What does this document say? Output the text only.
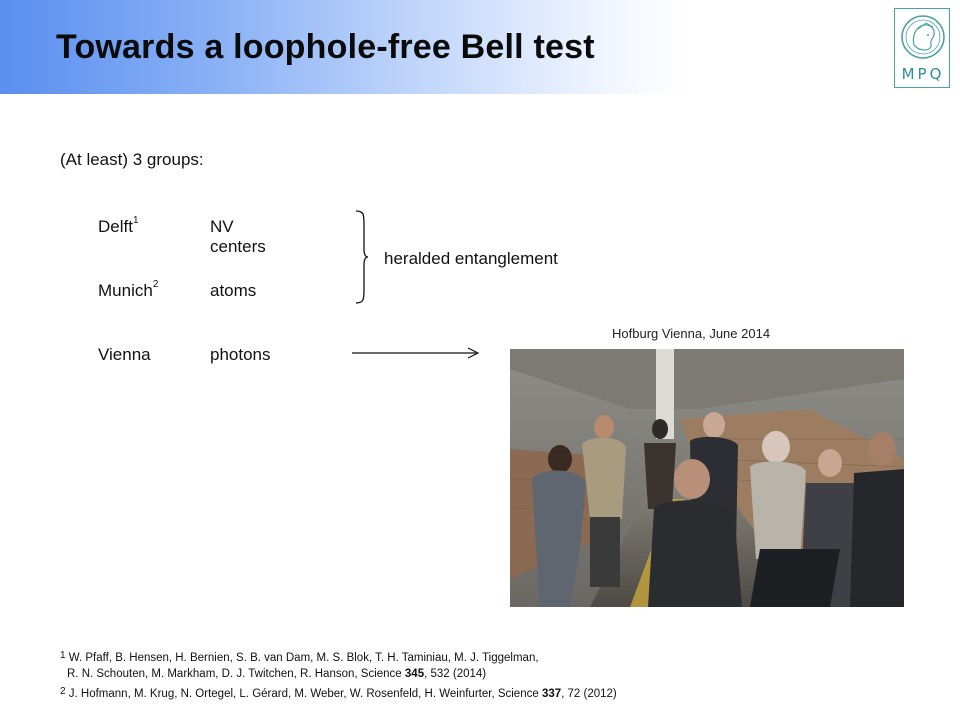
Towards a loophole-free Bell test
MPQ
(At least) 3 groups:
Delft$^1$	NV centers
Munich$^2$	atoms
Vienna	photons
heralded entanglement
Hofburg Vienna, June 2014
$^1$ W. Pfaff, B. Hensen, H. Bernien, S. B. van Dam, M. S. Blok, T. H. Taminiau, M. J. Tiggelman,
R. N. Schouten, M. Markham, D. J. Twitchen, R. Hanson, Science 345, 532 (2014)
$^2$ J. Hofmann, M. Krug, N. Ortegel, L. Gérard, M. Weber, W. Rosenfeld, H. Weinfurter, Science 337, 72 (2012)
